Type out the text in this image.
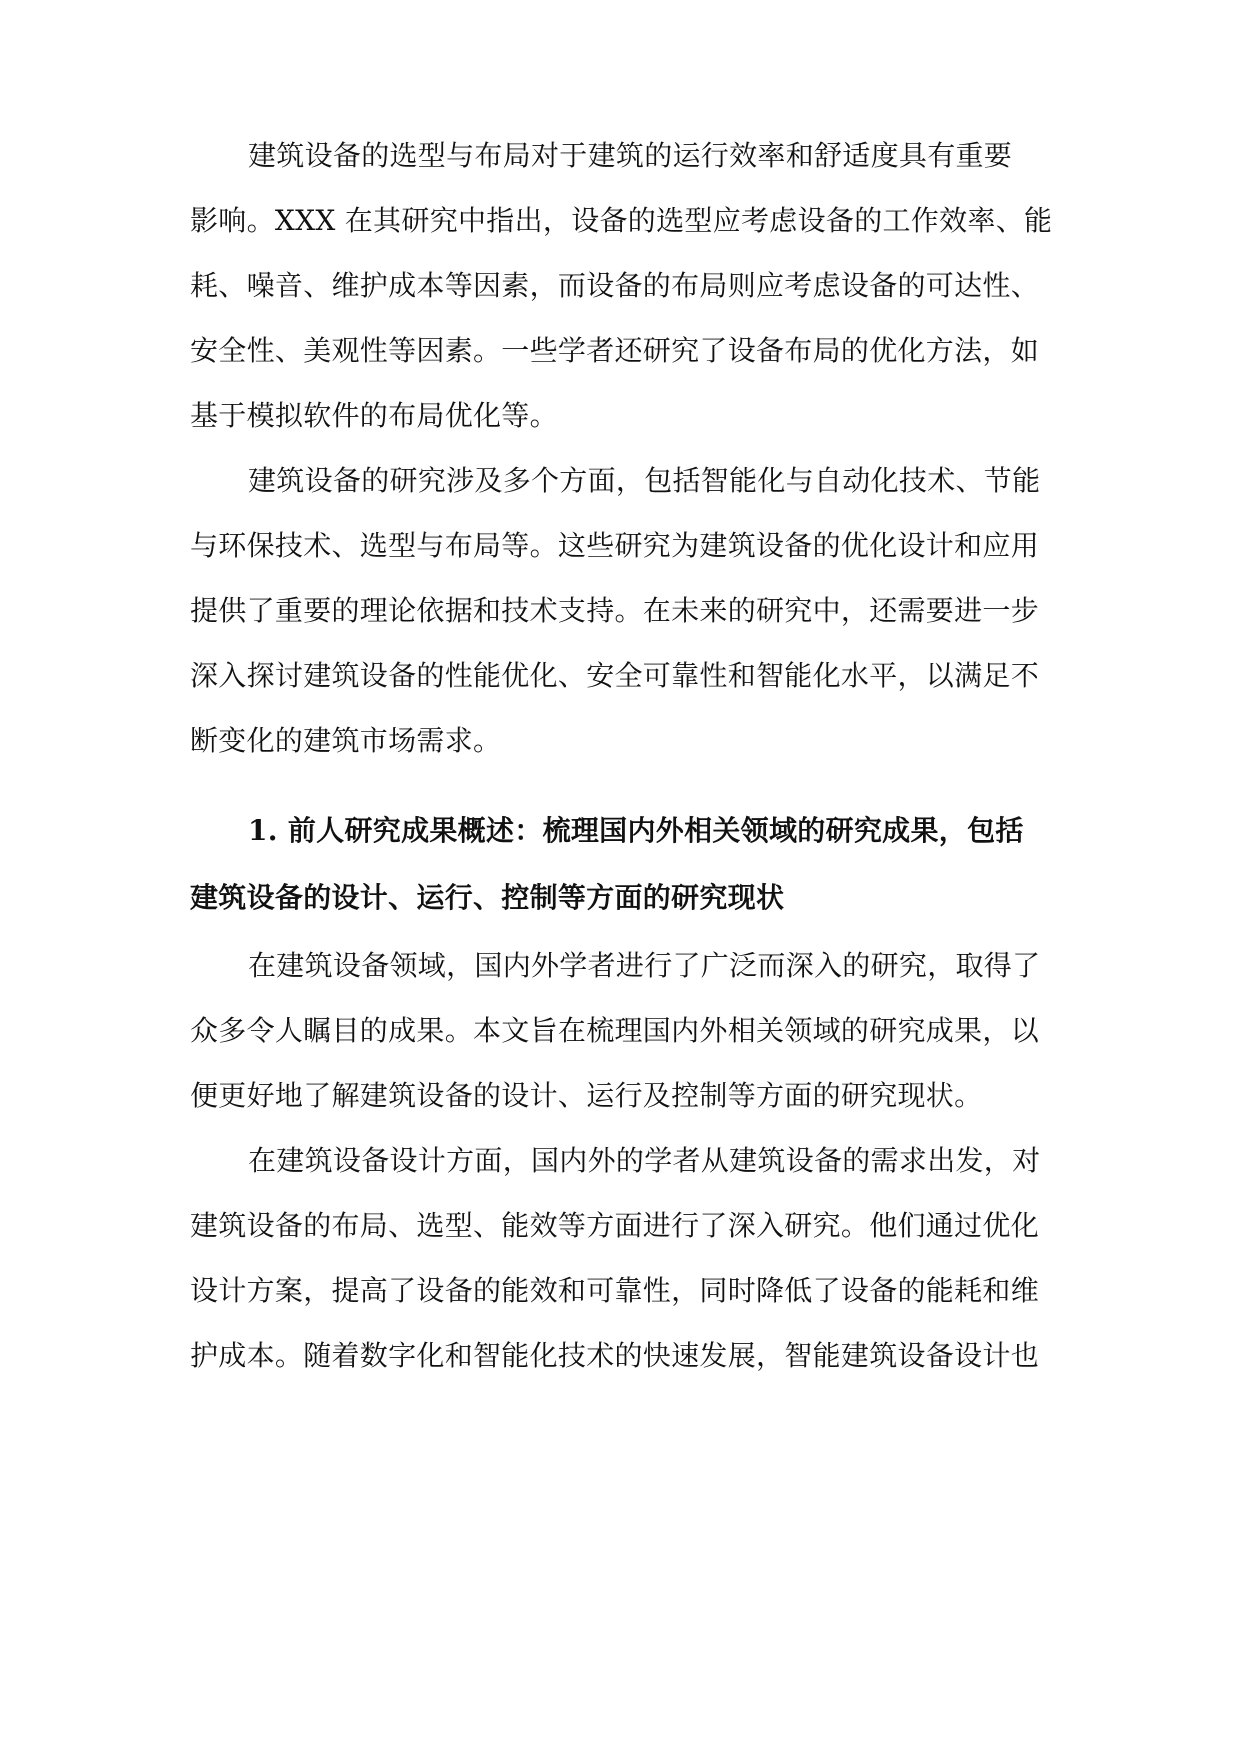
建筑设备的选型与布局对于建筑的运行效率和舒适度具有重要
影响。XXX 在其研究中指出，设备的选型应考虑设备的工作效率、能
耗、噪音、维护成本等因素，而设备的布局则应考虑设备的可达性、
安全性、美观性等因素。一些学者还研究了设备布局的优化方法，如
基于模拟软件的布局优化等。
建筑设备的研究涉及多个方面，包括智能化与自动化技术、节能
与环保技术、选型与布局等。这些研究为建筑设备的优化设计和应用
提供了重要的理论依据和技术支持。在未来的研究中，还需要进一步
深入探讨建筑设备的性能优化、安全可靠性和智能化水平，以满足不
断变化的建筑市场需求。
1. 前人研究成果概述：梳理国内外相关领域的研究成果，包括
建筑设备的设计、运行、控制等方面的研究现状
在建筑设备领域，国内外学者进行了广泛而深入的研究，取得了
众多令人瞩目的成果。本文旨在梳理国内外相关领域的研究成果，以
便更好地了解建筑设备的设计、运行及控制等方面的研究现状。
在建筑设备设计方面，国内外的学者从建筑设备的需求出发，对
建筑设备的布局、选型、能效等方面进行了深入研究。他们通过优化
设计方案，提高了设备的能效和可靠性，同时降低了设备的能耗和维
护成本。随着数字化和智能化技术的快速发展，智能建筑设备设计也
